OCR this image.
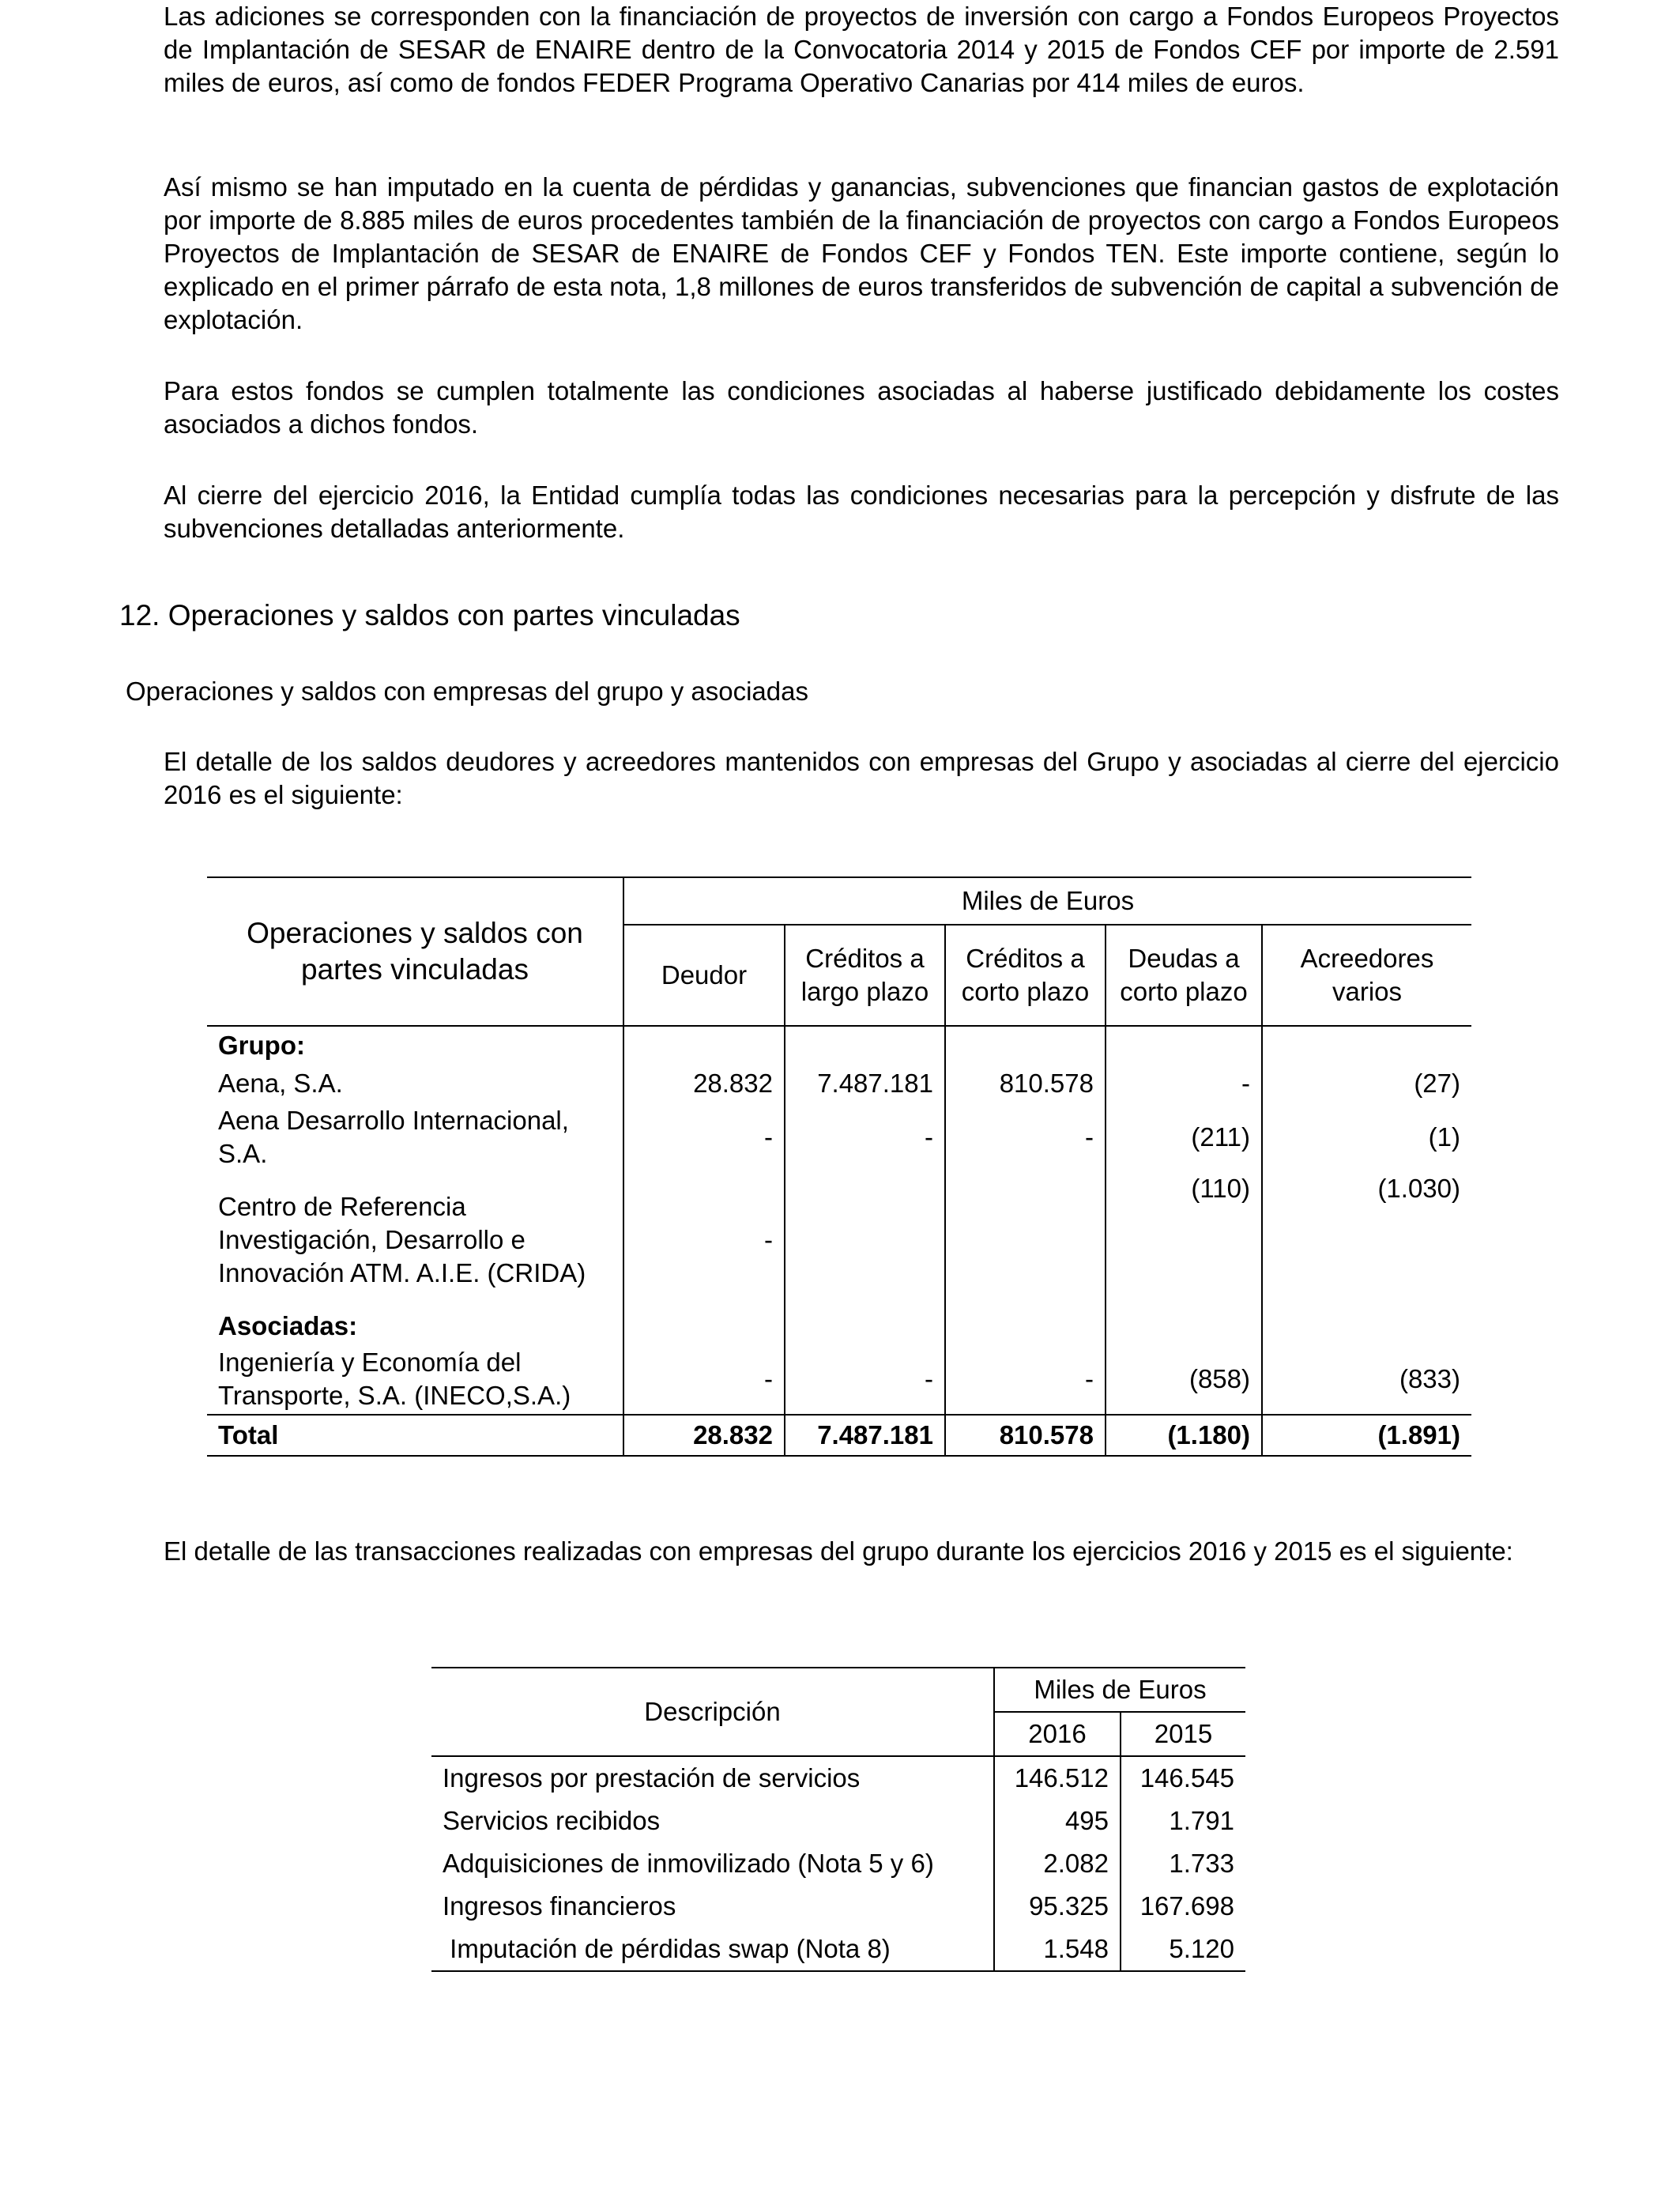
Las adiciones se corresponden con la financiación de proyectos de inversión con cargo a Fondos Europeos Proyectos de Implantación de SESAR de ENAIRE dentro de la Convocatoria 2014 y 2015 de Fondos CEF por importe de 2.591 miles de euros, así como de fondos FEDER Programa Operativo Canarias por 414 miles de euros.

Así mismo se han imputado en la cuenta de pérdidas y ganancias, subvenciones que financian gastos de explotación por importe de 8.885 miles de euros procedentes también de la financiación de proyectos con cargo a Fondos Europeos Proyectos de Implantación de SESAR de ENAIRE de Fondos CEF y Fondos TEN. Este importe contiene, según lo explicado en el primer párrafo de esta nota, 1,8 millones de euros transferidos de subvención de capital a subvención de explotación.

Para estos fondos se cumplen totalmente las condiciones asociadas al haberse justificado debidamente los costes asociados a dichos fondos.

Al cierre del ejercicio 2016, la Entidad cumplía todas las condiciones necesarias para la percepción y disfrute de las subvenciones detalladas anteriormente.

12. Operaciones y saldos con partes vinculadas

Operaciones y saldos con empresas del grupo y asociadas

El detalle de los saldos deudores y acreedores mantenidos con empresas del Grupo y asociadas al cierre del ejercicio 2016 es el siguiente:

Operaciones y saldos con partes vinculadas	Miles de Euros				
	Deudor	Créditos a largo plazo	Créditos a corto plazo	Deudas a corto plazo	Acreedores varios
Grupo:					
Aena, S.A.	28.832	7.487.181	810.578	-	(27)
Aena Desarrollo Internacional, S.A.	-	-	-	(211)	(1)
Centro de Referencia Investigación, Desarrollo e Innovación ATM. A.I.E. (CRIDA)	-			(110)	(1.030)
Asociadas:					
Ingeniería y Economía del Transporte, S.A. (INECO,S.A.)	-	-	-	(858)	(833)
Total	28.832	7.487.181	810.578	(1.180)	(1.891)

El detalle de las transacciones realizadas con empresas del grupo durante los ejercicios 2016 y 2015 es el siguiente:

Descripción	Miles de Euros	
	2016	2015
Ingresos por prestación de servicios	146.512	146.545
Servicios recibidos	495	1.791
Adquisiciones de inmovilizado (Nota 5 y 6)	2.082	1.733
Ingresos financieros	95.325	167.698
Imputación de pérdidas swap (Nota 8)	1.548	5.120
